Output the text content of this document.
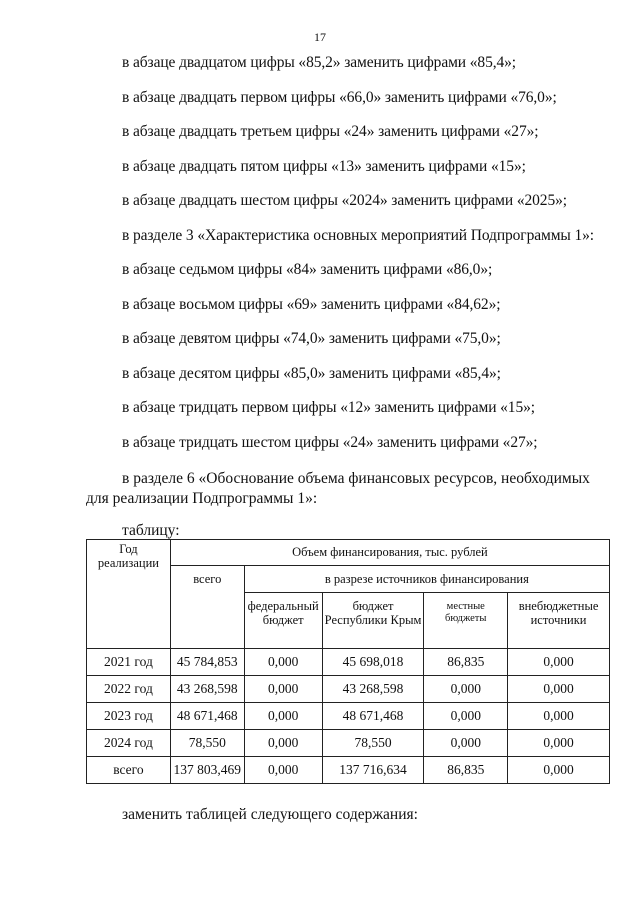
17
в абзаце двадцатом цифры «85,2» заменить цифрами «85,4»;
в абзаце двадцать первом цифры «66,0» заменить цифрами «76,0»;
в абзаце двадцать третьем цифры «24» заменить цифрами «27»;
в абзаце двадцать пятом цифры «13» заменить цифрами «15»;
в абзаце двадцать шестом цифры «2024» заменить цифрами «2025»;
в разделе 3 «Характеристика основных мероприятий Подпрограммы 1»:
в абзаце седьмом цифры «84» заменить цифрами «86,0»;
в абзаце восьмом цифры «69» заменить цифрами «84,62»;
в абзаце девятом цифры «74,0» заменить цифрами «75,0»;
в абзаце десятом цифры «85,0» заменить цифрами «85,4»;
в абзаце тридцать первом цифры «12» заменить цифрами «15»;
в абзаце тридцать шестом цифры «24» заменить цифрами «27»;
в разделе 6 «Обоснование объема финансовых ресурсов, необходимых для реализации Подпрограммы 1»:
таблицу:
Год реализации	Объем финансирования, тыс. рублей				
	всего	в разрезе источников финансирования			
		федеральный бюджет	бюджет Республики Крым	местные бюджеты	внебюджетные источники
2021 год	45 784,853	0,000	45 698,018	86,835	0,000
2022 год	43 268,598	0,000	43 268,598	0,000	0,000
2023 год	48 671,468	0,000	48 671,468	0,000	0,000
2024 год	78,550	0,000	78,550	0,000	0,000
всего	137 803,469	0,000	137 716,634	86,835	0,000
заменить таблицей следующего содержания:
